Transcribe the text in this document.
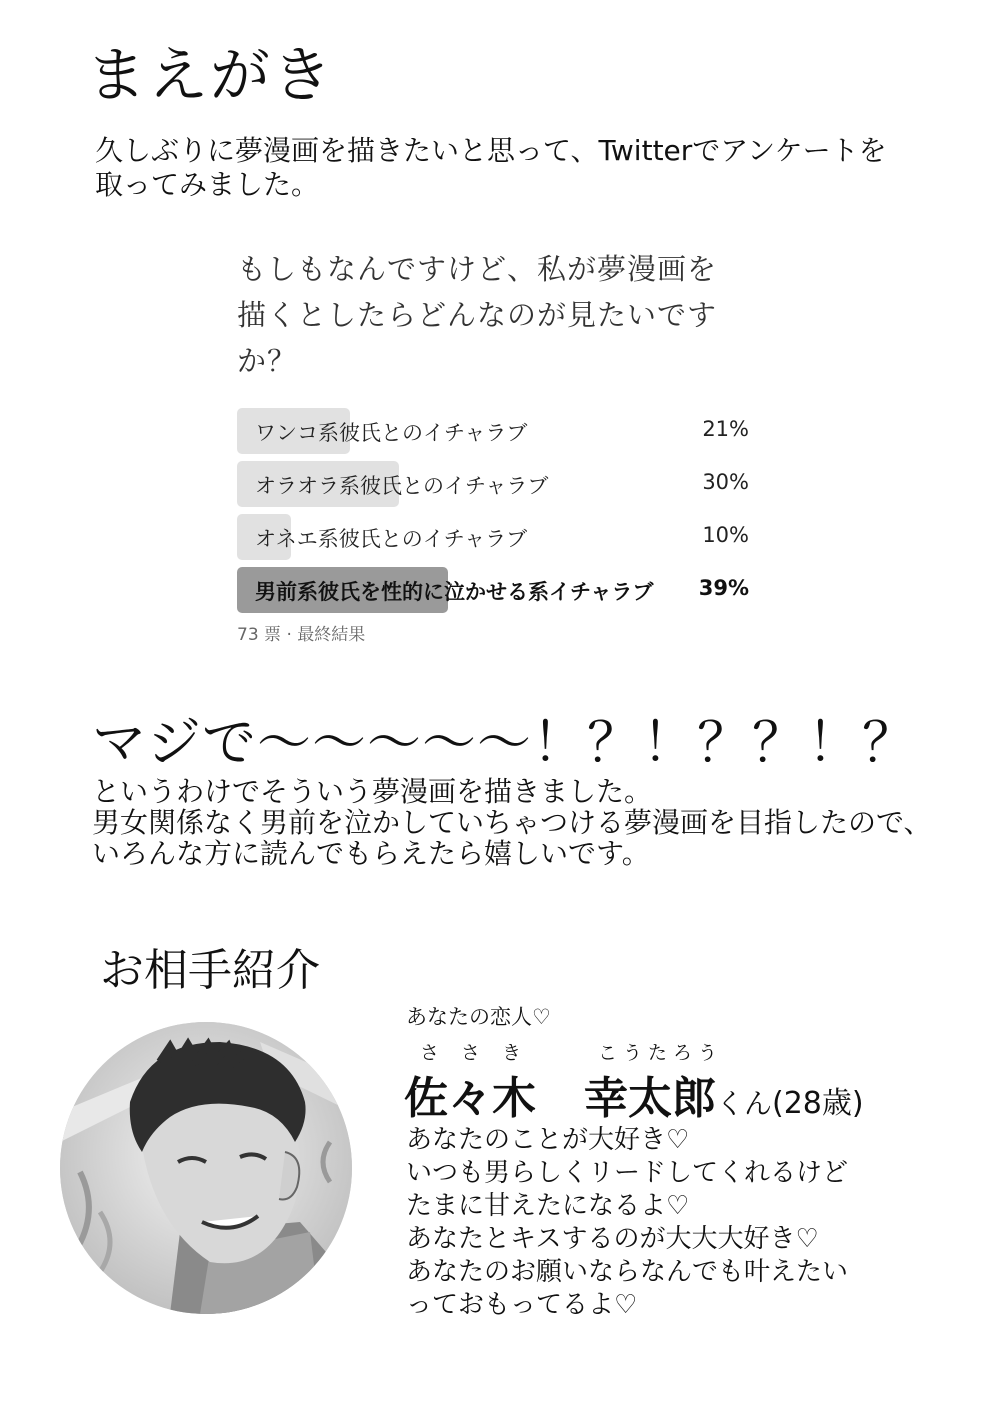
まえがき
久しぶりに夢漫画を描きたいと思って、Twitterでアンケートを
取ってみました。
もしもなんですけど、私が夢漫画を
描くとしたらどんなのが見たいです
か？
ワンコ系彼氏とのイチャラブ	21%
オラオラ系彼氏とのイチャラブ	30%
オネエ系彼氏とのイチャラブ	10%
男前系彼氏を性的に泣かせる系イチャラブ 39%
73 票 · 最終結果
マジで〜〜〜〜〜！？！？？！？
というわけでそういう夢漫画を描きました。
男女関係なく男前を泣かしていちゃつける夢漫画を目指したので、
いろんな方に読んでもらえたら嬉しいです。
お相手紹介
あなたの恋人♡
ささき	こうたろう
佐々木 幸太郎くん(28歳)
あなたのことが大好き♡
いつも男らしくリードしてくれるけど
たまに甘えたになるよ♡
あなたとキスするのが大大大好き♡
あなたのお願いならなんでも叶えたい
っておもってるよ♡
